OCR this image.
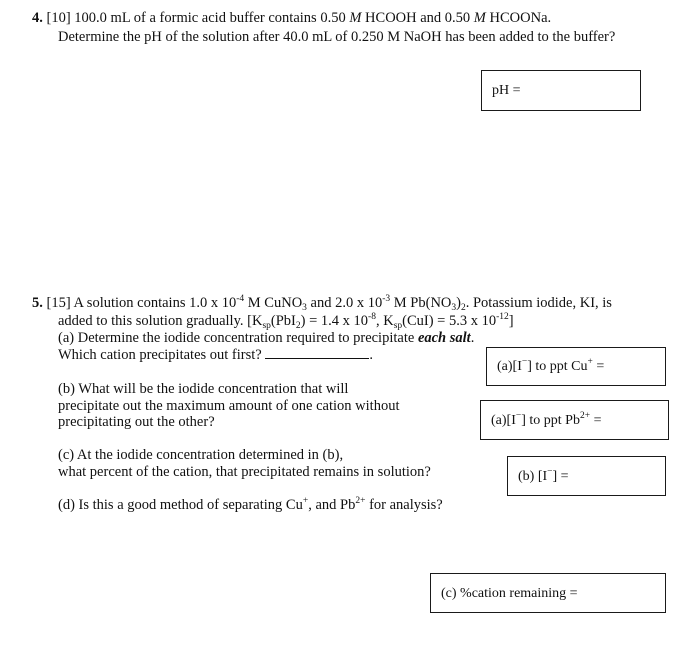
4. [10] 100.0 mL of a formic acid buffer contains 0.50 M HCOOH and 0.50 M HCOONa.
Determine the pH of the solution after 40.0 mL of 0.250 M NaOH has been added to the buffer?
pH =
5. [15] A solution contains 1.0 x $10^{-4}$ M CuNO$_3$ and 2.0 x $10^{-3}$ M $Pb(NO_3)_2$. Potassium iodide, KI, is
added to this solution gradually. [$K_{sp}(PbI_2) = 1.4$ x $10^{-8}$, $K_{sp}(CuI) = 5.3$ x $10^{-12}$]
(a) Determine the iodide concentration required to precipitate each salt.
Which cation precipitates out first?	.
(b) What will be the iodide concentration that will
precipitate out the maximum amount of one cation without
precipitating out the other?
(c) At the iodide concentration determined in (b),
what percent of the cation, that precipitated remains in solution?
(d) Is this a good method of separating Cu+, and $Pb^{2+}$ for analysis?
(a)[I−] to ppt Cu+ =
(a)[I−] to ppt $Pb^{2+}$ =
(b) [I−] =
(c) %cation remaining =
